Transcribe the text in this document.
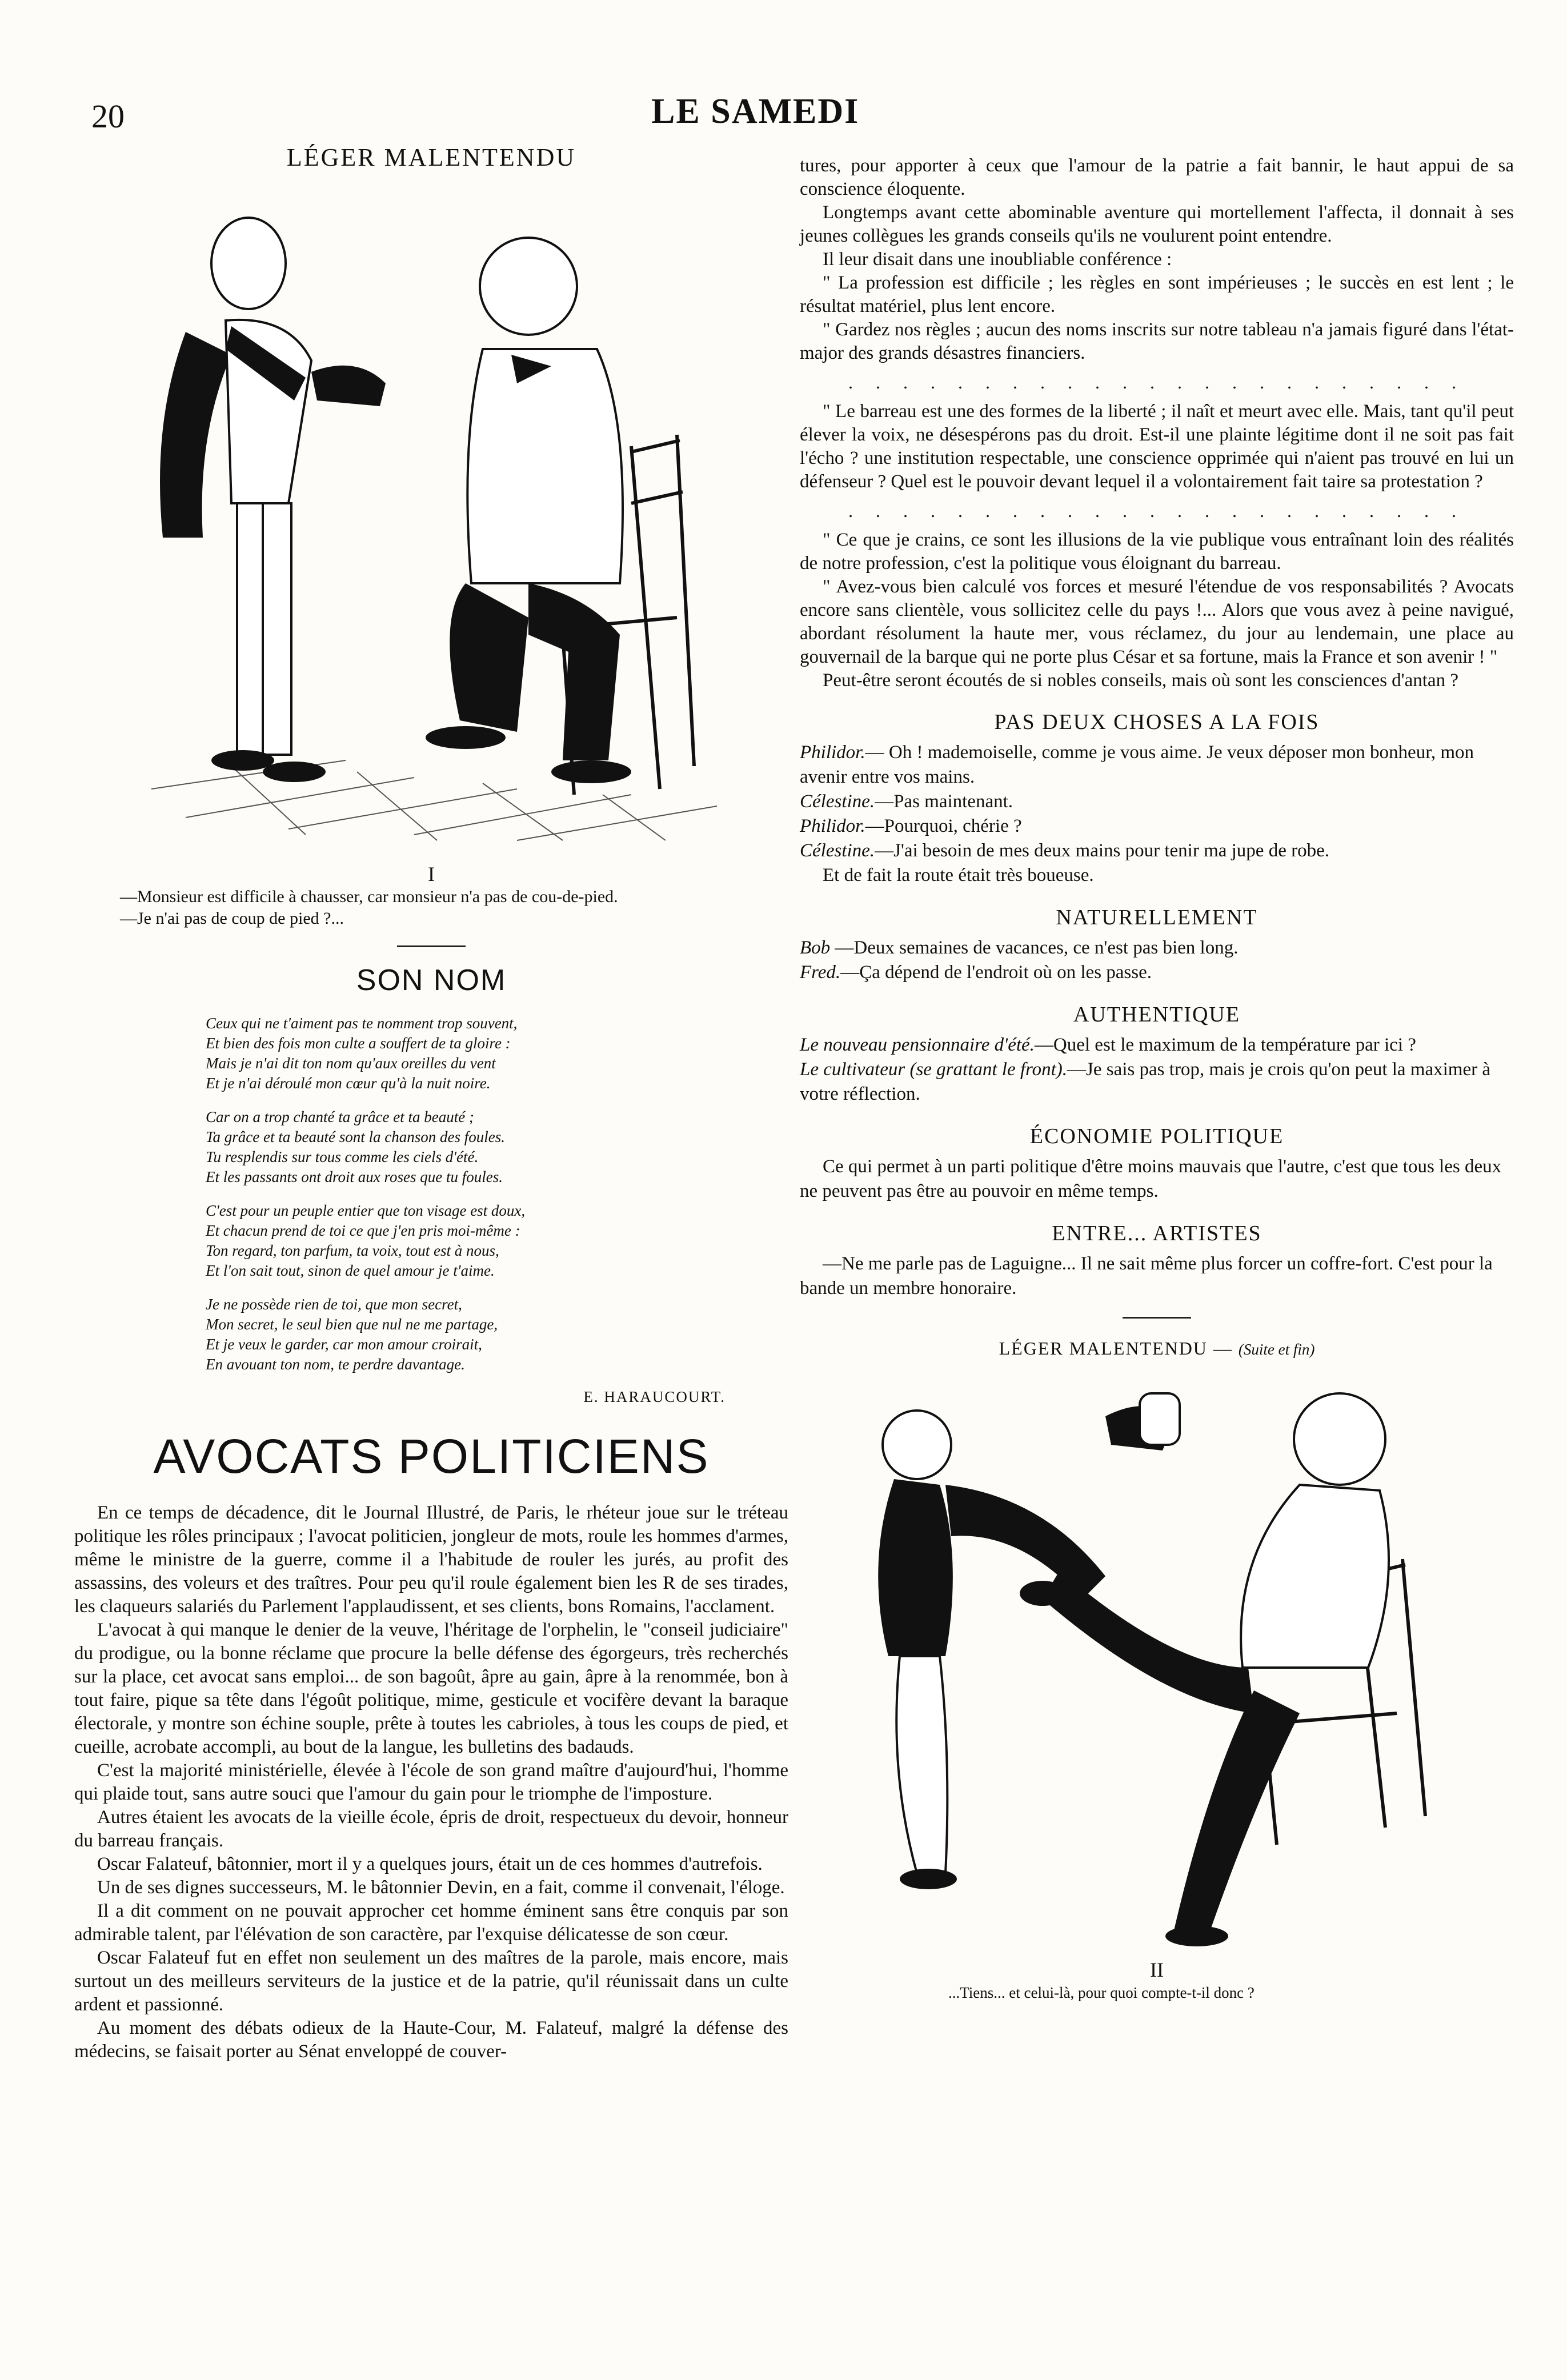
20	LE SAMEDI
LÉGER MALENTENDU
I

—Monsieur est difficile à chausser, car monsieur n'a pas de cou-de-pied.

—Je n'ai pas de coup de pied ?...

SON NOM
Ceux qui ne t'aiment pas te nomment trop souvent,
Et bien des fois mon culte a souffert de ta gloire :
Mais je n'ai dit ton nom qu'aux oreilles du vent
Et je n'ai déroulé mon cœur qu'à la nuit noire.
Car on a trop chanté ta grâce et ta beauté ;
Ta grâce et ta beauté sont la chanson des foules.
Tu resplendis sur tous comme les ciels d'été.
Et les passants ont droit aux roses que tu foules.
C'est pour un peuple entier que ton visage est doux,
Et chacun prend de toi ce que j'en pris moi-même :
Ton regard, ton parfum, ta voix, tout est à nous,
Et l'on sait tout, sinon de quel amour je t'aime.
Je ne possède rien de toi, que mon secret,
Mon secret, le seul bien que nul ne me partage,
Et je veux le garder, car mon amour croirait,
En avouant ton nom, te perdre davantage.
E. HARAUCOURT.
AVOCATS POLITICIENS

En ce temps de décadence, dit le Journal Illustré, de Paris, le rhéteur joue sur le tréteau politique les rôles principaux ; l'avocat politicien, jongleur de mots, roule les hommes d'armes, même le ministre de la guerre, comme il a l'habitude de rouler les jurés, au profit des assassins, des voleurs et des traîtres. Pour peu qu'il roule également bien les R de ses tirades, les claqueurs salariés du Parlement l'applaudissent, et ses clients, bons Romains, l'acclament.

L'avocat à qui manque le denier de la veuve, l'héritage de l'orphelin, le "conseil judiciaire" du prodigue, ou la bonne réclame que procure la belle défense des égorgeurs, très recherchés sur la place, cet avocat sans emploi... de son bagoût, âpre au gain, âpre à la renommée, bon à tout faire, pique sa tête dans l'égoût politique, mime, gesticule et vocifère devant la baraque électorale, y montre son échine souple, prête à toutes les cabrioles, à tous les coups de pied, et cueille, acrobate accompli, au bout de la langue, les bulletins des badauds.

C'est la majorité ministérielle, élevée à l'école de son grand maître d'aujourd'hui, l'homme qui plaide tout, sans autre souci que l'amour du gain pour le triomphe de l'imposture.

Autres étaient les avocats de la vieille école, épris de droit, respectueux du devoir, honneur du barreau français.

Oscar Falateuf, bâtonnier, mort il y a quelques jours, était un de ces hommes d'autrefois.

Un de ses dignes successeurs, M. le bâtonnier Devin, en a fait, comme il convenait, l'éloge.

Il a dit comment on ne pouvait approcher cet homme éminent sans être conquis par son admirable talent, par l'élévation de son caractère, par l'exquise délicatesse de son cœur.

Oscar Falateuf fut en effet non seulement un des maîtres de la parole, mais encore, mais surtout un des meilleurs serviteurs de la justice et de la patrie, qu'il réunissait dans un culte ardent et passionné.

Au moment des débats odieux de la Haute-Cour, M. Falateuf, malgré la défense des médecins, se faisait porter au Sénat enveloppé de couver-

tures, pour apporter à ceux que l'amour de la patrie a fait bannir, le haut appui de sa conscience éloquente.

Longtemps avant cette abominable aventure qui mortellement l'affecta, il donnait à ses jeunes collègues les grands conseils qu'ils ne voulurent point entendre.

Il leur disait dans une inoubliable conférence :

" La profession est difficile ; les règles en sont impérieuses ; le succès en est lent ; le résultat matériel, plus lent encore.

" Gardez nos règles ; aucun des noms inscrits sur notre tableau n'a jamais figuré dans l'état-major des grands désastres financiers.

. . . . . . . . . . . . . . . . . . . . . . .

" Le barreau est une des formes de la liberté ; il naît et meurt avec elle. Mais, tant qu'il peut élever la voix, ne désespérons pas du droit. Est-il une plainte légitime dont il ne soit pas fait l'écho ? une institution respectable, une conscience opprimée qui n'aient pas trouvé en lui un défenseur ? Quel est le pouvoir devant lequel il a volontairement fait taire sa protestation ?

. . . . . . . . . . . . . . . . . . . . . . .

" Ce que je crains, ce sont les illusions de la vie publique vous entraînant loin des réalités de notre profession, c'est la politique vous éloignant du barreau.

" Avez-vous bien calculé vos forces et mesuré l'étendue de vos responsabilités ? Avocats encore sans clientèle, vous sollicitez celle du pays !... Alors que vous avez à peine navigué, abordant résolument la haute mer, vous réclamez, du jour au lendemain, une place au gouvernail de la barque qui ne porte plus César et sa fortune, mais la France et son avenir ! "

Peut-être seront écoutés de si nobles conseils, mais où sont les consciences d'antan ?

PAS DEUX CHOSES A LA FOIS

Philidor.— Oh ! mademoiselle, comme je vous aime. Je veux déposer mon bonheur, mon avenir entre vos mains.

Célestine.—Pas maintenant.

Philidor.—Pourquoi, chérie ?

Célestine.—J'ai besoin de mes deux mains pour tenir ma jupe de robe.

Et de fait la route était très boueuse.

NATURELLEMENT

Bob —Deux semaines de vacances, ce n'est pas bien long.

Fred.—Ça dépend de l'endroit où on les passe.

AUTHENTIQUE

Le nouveau pensionnaire d'été.—Quel est le maximum de la température par ici ?

Le cultivateur (se grattant le front).—Je sais pas trop, mais je crois qu'on peut la maximer à votre réflection.

ÉCONOMIE POLITIQUE

Ce qui permet à un parti politique d'être moins mauvais que l'autre, c'est que tous les deux ne peuvent pas être au pouvoir en même temps.

ENTRE... ARTISTES

—Ne me parle pas de Laguigne... Il ne sait même plus forcer un coffre-fort. C'est pour la bande un membre honoraire.

LÉGER MALENTENDU — (Suite et fin)
II

...Tiens... et celui-là, pour quoi compte-t-il donc ?
